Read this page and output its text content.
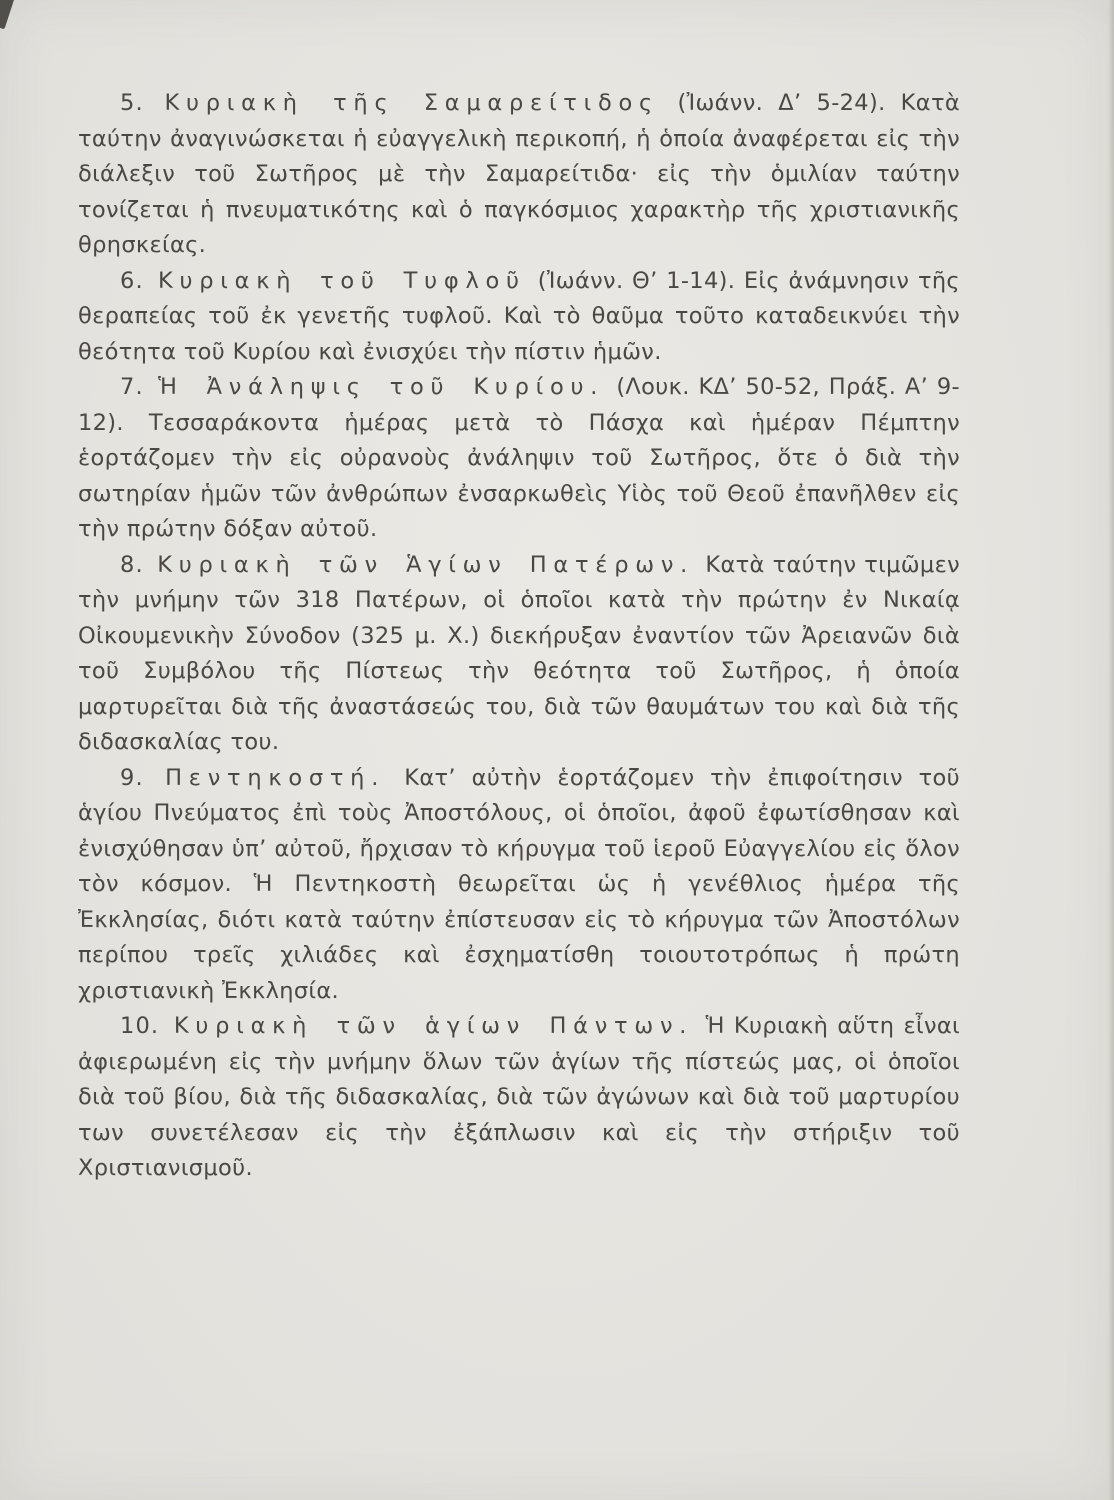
5. Κυριακὴ τῆς Σαμαρείτιδος (Ἰωάνν. Δ’ 5-24). Κατὰ ταύτην ἀναγινώσκεται ἡ εὐαγγελικὴ περικοπή, ἡ ὁποία ἀναφέρεται εἰς τὴν διάλεξιν τοῦ Σωτῆρος μὲ τὴν Σαμαρείτιδα· εἰς τὴν ὁμιλίαν ταύτην τονίζεται ἡ πνευματικότης καὶ ὁ παγκόσμιος χαρακτὴρ τῆς χριστιανικῆς θρησκείας.

6. Κυριακὴ τοῦ Τυφλοῦ (Ἰωάνν. Θ’ 1-14). Εἰς ἀνάμνησιν τῆς θεραπείας τοῦ ἐκ γενετῆς τυφλοῦ. Καὶ τὸ θαῦμα τοῦτο καταδεικνύει τὴν θεότητα τοῦ Κυρίου καὶ ἐνισχύει τὴν πίστιν ἡμῶν.

7. Ἡ Ἀνάληψις τοῦ Κυρίου. (Λουκ. ΚΔ’ 50-52, Πράξ. Α’ 9-12). Τεσσαράκοντα ἡμέρας μετὰ τὸ Πάσχα καὶ ἡμέραν Πέμπτην ἑορτάζομεν τὴν εἰς οὐρανοὺς ἀνάληψιν τοῦ Σωτῆρος, ὅτε ὁ διὰ τὴν σωτηρίαν ἡμῶν τῶν ἀνθρώπων ἐνσαρκωθεὶς Υἱὸς τοῦ Θεοῦ ἐπανῆλθεν εἰς τὴν πρώτην δόξαν αὐτοῦ.

8. Κυριακὴ τῶν Ἁγίων Πατέρων. Κατὰ ταύτην τιμῶμεν τὴν μνήμην τῶν 318 Πατέρων, οἱ ὁποῖοι κατὰ τὴν πρώτην ἐν Νικαίᾳ Οἰκουμενικὴν Σύνοδον (325 μ. Χ.) διεκήρυξαν ἐναντίον τῶν Ἀρειανῶν διὰ τοῦ Συμβόλου τῆς Πίστεως τὴν θεότητα τοῦ Σωτῆρος, ἡ ὁποία μαρτυρεῖται διὰ τῆς ἀναστάσεώς του, διὰ τῶν θαυμάτων του καὶ διὰ τῆς διδασκαλίας του.

9. Πεντηκοστή. Κατ’ αὐτὴν ἑορτάζομεν τὴν ἐπιφοίτησιν τοῦ ἁγίου Πνεύματος ἐπὶ τοὺς Ἀποστόλους, οἱ ὁποῖοι, ἀφοῦ ἐφωτίσθησαν καὶ ἐνισχύθησαν ὑπ’ αὐτοῦ, ἤρχισαν τὸ κήρυγμα τοῦ ἱεροῦ Εὐαγγελίου εἰς ὅλον τὸν κόσμον. Ἡ Πεντηκοστὴ θεωρεῖται ὡς ἡ γενέθλιος ἡμέρα τῆς Ἐκκλησίας, διότι κατὰ ταύτην ἐπίστευσαν εἰς τὸ κήρυγμα τῶν Ἀποστόλων περίπου τρεῖς χιλιάδες καὶ ἐσχηματίσθη τοιουτοτρόπως ἡ πρώτη χριστιανικὴ Ἐκκλησία.

10. Κυριακὴ τῶν ἁγίων Πάντων. Ἡ Κυριακὴ αὕτη εἶναι ἀφιερωμένη εἰς τὴν μνήμην ὅλων τῶν ἁγίων τῆς πίστεώς μας, οἱ ὁποῖοι διὰ τοῦ βίου, διὰ τῆς διδασκαλίας, διὰ τῶν ἀγώνων καὶ διὰ τοῦ μαρτυρίου των συνετέλεσαν εἰς τὴν ἐξάπλωσιν καὶ εἰς τὴν στήριξιν τοῦ Χριστιανισμοῦ.
